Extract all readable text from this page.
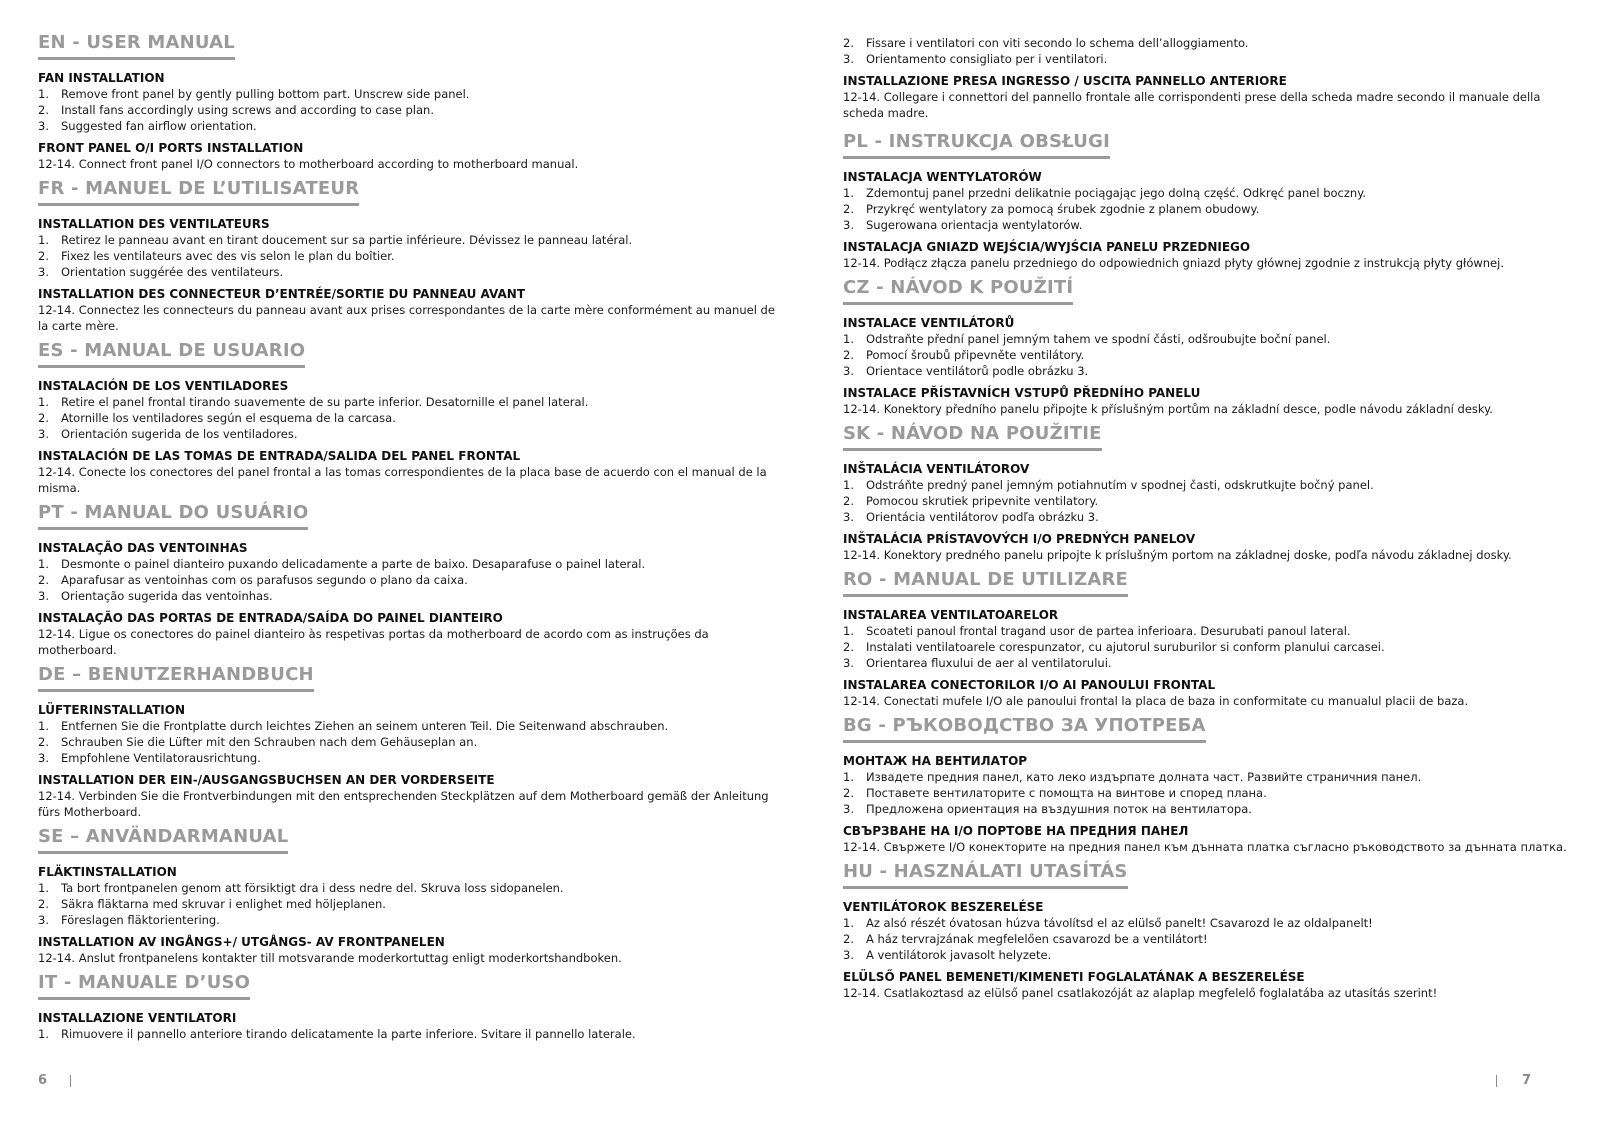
EN - USER MANUAL

FAN INSTALLATION
1.	Remove front panel by gently pulling bottom part. Unscrew side panel.
2.	Install fans accordingly using screws and according to case plan.
3.	Suggested fan airflow orientation.
FRONT PANEL O/I PORTS INSTALLATION
12-14. Connect front panel I/O connectors to motherboard according to motherboard manual.
FR - MANUEL DE L’UTILISATEUR

INSTALLATION DES VENTILATEURS
1.	Retirez le panneau avant en tirant doucement sur sa partie inférieure. Dévissez le panneau latéral.
2.	Fixez les ventilateurs avec des vis selon le plan du boîtier.
3.	Orientation suggérée des ventilateurs.
INSTALLATION DES CONNECTEUR D’ENTRÉE/SORTIE DU PANNEAU AVANT
12-14. Connectez les connecteurs du panneau avant aux prises correspondantes de la carte mère conformément au manuel de la carte mère.
ES - MANUAL DE USUARIO

INSTALACIÓN DE LOS VENTILADORES
1.	Retire el panel frontal tirando suavemente de su parte inferior. Desatornille el panel lateral.
2.	Atornille los ventiladores según el esquema de la carcasa.
3.	Orientación sugerida de los ventiladores.
INSTALACIÓN DE LAS TOMAS DE ENTRADA/SALIDA DEL PANEL FRONTAL
12-14. Conecte los conectores del panel frontal a las tomas correspondientes de la placa base de acuerdo con el manual de la misma.
PT - MANUAL DO USUÁRIO

INSTALAÇÃO DAS VENTOINHAS
1.	Desmonte o painel dianteiro puxando delicadamente a parte de baixo. Desaparafuse o painel lateral.
2.	Aparafusar as ventoinhas com os parafusos segundo o plano da caixa.
3.	Orientação sugerida das ventoinhas.
INSTALAÇÃO DAS PORTAS DE ENTRADA/SAÍDA DO PAINEL DIANTEIRO
12-14. Ligue os conectores do painel dianteiro às respetivas portas da motherboard de acordo com as instruções da motherboard.
DE – BENUTZERHANDBUCH

LÜFTERINSTALLATION
1.	Entfernen Sie die Frontplatte durch leichtes Ziehen an seinem unteren Teil. Die Seitenwand abschrauben.
2.	Schrauben Sie die Lüfter mit den Schrauben nach dem Gehäuseplan an.
3.	Empfohlene Ventilatorausrichtung.
INSTALLATION DER EIN-/AUSGANGSBUCHSEN AN DER VORDERSEITE
12-14. Verbinden Sie die Frontverbindungen mit den entsprechenden Steckplätzen auf dem Motherboard gemäß der Anleitung fürs Motherboard.
SE – ANVÄNDARMANUAL

FLÄKTINSTALLATION
1.	Ta bort frontpanelen genom att försiktigt dra i dess nedre del. Skruva loss sidopanelen.
2.	Säkra fläktarna med skruvar i enlighet med höljeplanen.
3.	Föreslagen fläktorientering.
INSTALLATION AV INGÅNGS+/ UTGÅNGS- AV FRONTPANELEN
12-14. Anslut frontpanelens kontakter till motsvarande moderkortuttag enligt moderkortshandboken.
IT - MANUALE D’USO

INSTALLAZIONE VENTILATORI
1.	Rimuovere il pannello anteriore tirando delicatamente la parte inferiore. Svitare il pannello laterale.
2.	Fissare i ventilatori con viti secondo lo schema dell’alloggiamento.
3.	Orientamento consigliato per i ventilatori.
INSTALLAZIONE PRESA INGRESSO / USCITA PANNELLO ANTERIORE
12-14. Collegare i connettori del pannello frontale alle corrispondenti prese della scheda madre secondo il manuale della scheda madre.
PL - INSTRUKCJA OBSŁUGI

INSTALACJA WENTYLATORÓW
1.	Zdemontuj panel przedni delikatnie pociągając jego dolną część. Odkręć panel boczny.
2.	Przykręć wentylatory za pomocą śrubek zgodnie z planem obudowy.
3.	Sugerowana orientacja wentylatorów.
INSTALACJA GNIAZD WEJŚCIA/WYJŚCIA PANELU PRZEDNIEGO
12-14. Podłącz złącza panelu przedniego do odpowiednich gniazd płyty głównej zgodnie z instrukcją płyty głównej.
CZ - NÁVOD K POUŽITÍ

INSTALACE VENTILÁTORŮ
1.	Odstraňte přední panel jemným tahem ve spodní části, odšroubujte boční panel.
2.	Pomocí šroubů připevněte ventilátory.
3.	Orientace ventilátorů podle obrázku 3.
INSTALACE PŘÍSTAVNÍCH VSTUPŮ PŘEDNÍHO PANELU
12-14. Konektory předního panelu připojte k příslušným portům na základní desce, podle návodu základní desky.
SK - NÁVOD NA POUŽITIE

INŠTALÁCIA VENTILÁTOROV
1.	Odstráňte predný panel jemným potiahnutím v spodnej časti, odskrutkujte bočný panel.
2.	Pomocou skrutiek pripevnite ventilatory.
3.	Orientácia ventilátorov podľa obrázku 3.
INŠTALÁCIA PRÍSTAVOVÝCH I/O PREDNÝCH PANELOV
12-14. Konektory predného panelu pripojte k príslušným portom na základnej doske, podľa návodu základnej dosky.
RO - MANUAL DE UTILIZARE

INSTALAREA VENTILATOARELOR
1.	Scoateti panoul frontal tragand usor de partea inferioara. Desurubati panoul lateral.
2.	Instalati ventilatoarele corespunzator, cu ajutorul suruburilor si conform planului carcasei.
3.	Orientarea fluxului de aer al ventilatorului.
INSTALAREA CONECTORILOR I/O AI PANOULUI FRONTAL
12-14. Conectati mufele I/O ale panoului frontal la placa de baza in conformitate cu manualul placii de baza.
BG - РЪКОВОДСТВО ЗА УПОТРЕБА

МОНТАЖ НА ВЕНТИЛАТОР
1.	Извадете предния панел, като леко издърпате долната част. Развийте страничния панел.
2.	Поставете вентилаторите с помощта на винтове и според плана.
3.	Предложена ориентация на въздушния поток на вентилатора.
СВЪРЗВАНЕ НА I/O ПОРТОВЕ НА ПРЕДНИЯ ПАНЕЛ
12-14. Свържете I/O конекторите на предния панел към дънната платка съгласно ръководството за дънната платка.
HU - HASZNÁLATI UTASÍTÁS

VENTILÁTOROK BESZERELÉSE
1.	Az alsó részét óvatosan húzva távolítsd el az elülső panelt! Csavarozd le az oldalpanelt!
2.	A ház tervrajzának megfelelően csavarozd be a ventilátort!
3.	A ventilátorok javasolt helyzete.
ELÜLSŐ PANEL BEMENETI/KIMENETI FOGLALATÁNAK A BESZERELÉSE
12-14. Csatlakoztasd az elülső panel csatlakozóját az alaplap megfelelő foglalatába az utasítás szerint!
6	7
